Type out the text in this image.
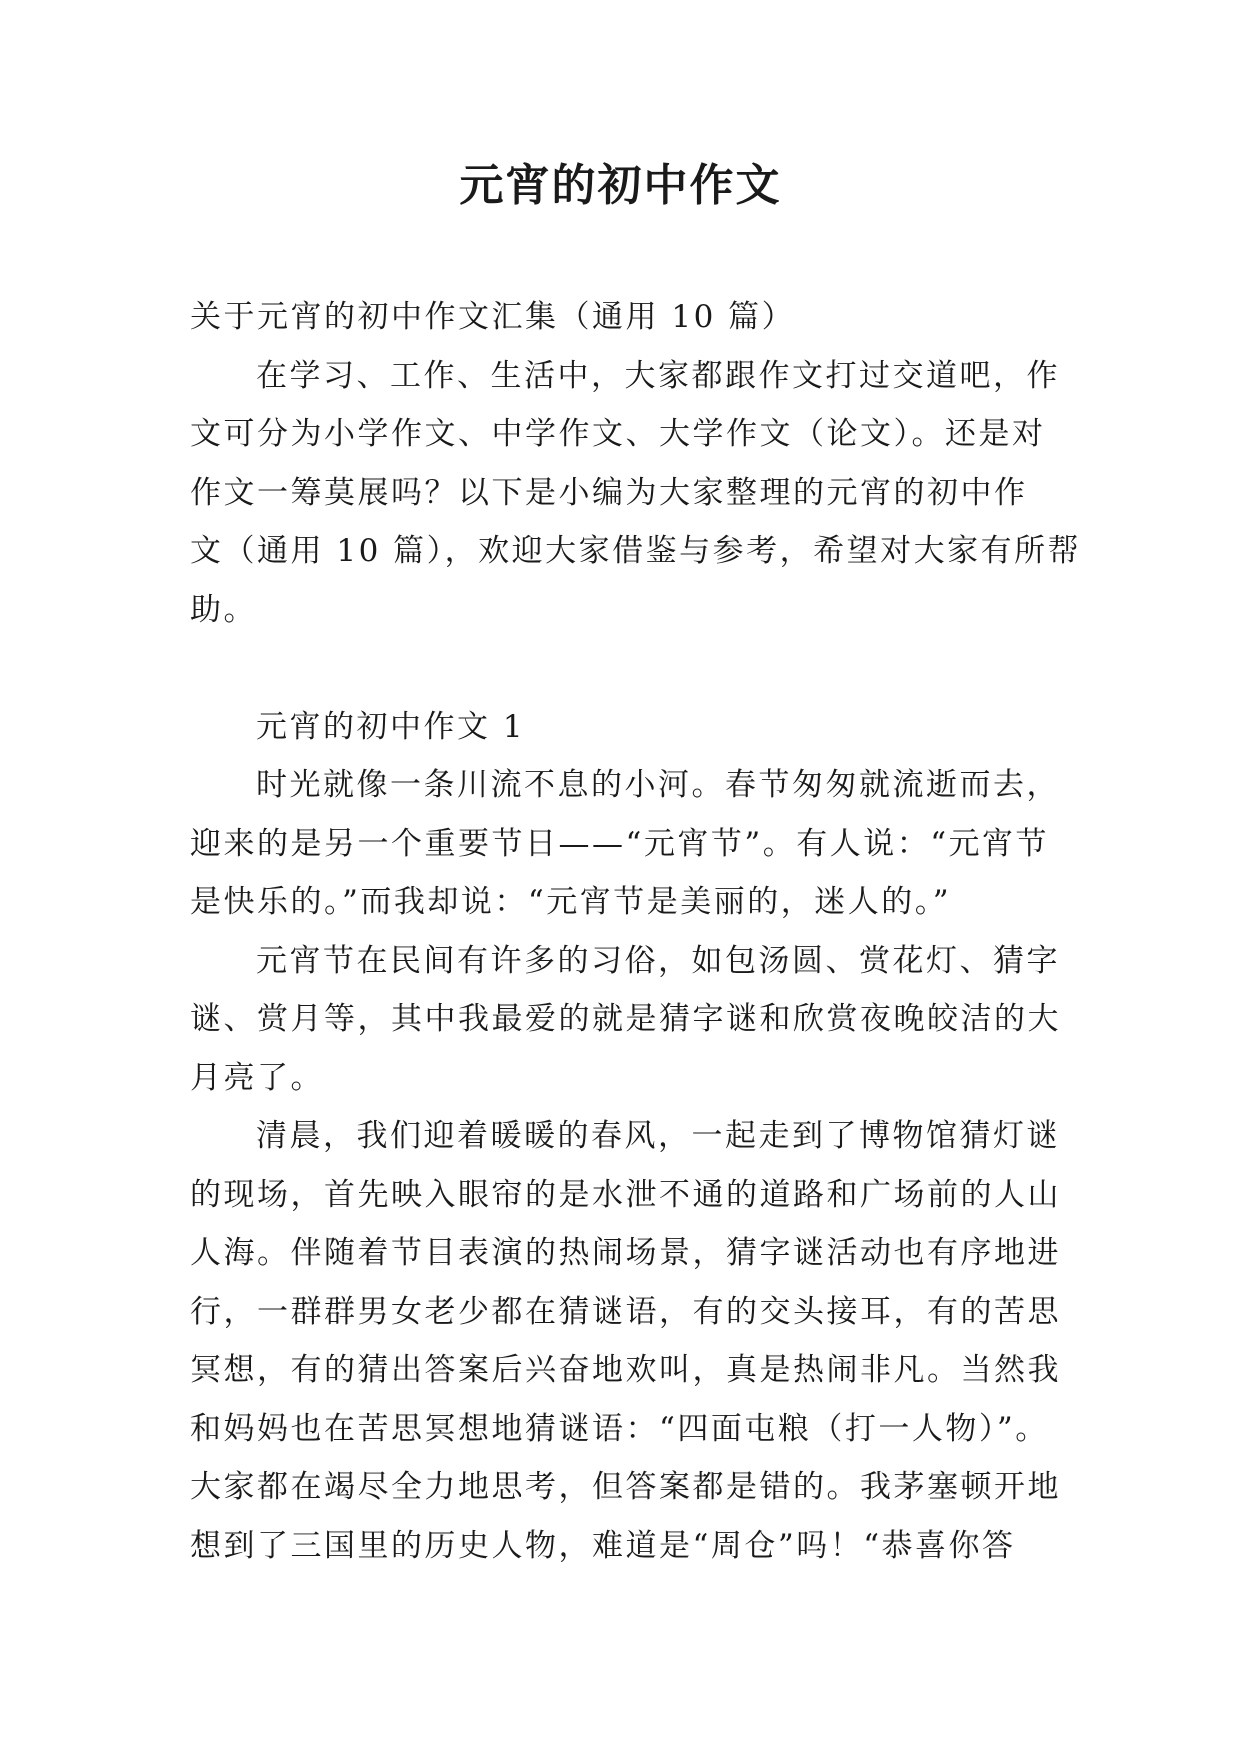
元宵的初中作文
关于元宵的初中作文汇集（通用 10 篇）
在学习、工作、生活中，大家都跟作文打过交道吧，作
文可分为小学作文、中学作文、大学作文（论文）。还是对
作文一筹莫展吗？以下是小编为大家整理的元宵的初中作
文（通用 10 篇），欢迎大家借鉴与参考，希望对大家有所帮
助。
元宵的初中作文 1
时光就像一条川流不息的小河。春节匆匆就流逝而去，
迎来的是另一个重要节日——“元宵节”。有人说：“元宵节
是快乐的。”而我却说：“元宵节是美丽的，迷人的。”
元宵节在民间有许多的习俗，如包汤圆、赏花灯、猜字
谜、赏月等，其中我最爱的就是猜字谜和欣赏夜晚皎洁的大
月亮了。
清晨，我们迎着暖暖的春风，一起走到了博物馆猜灯谜
的现场，首先映入眼帘的是水泄不通的道路和广场前的人山
人海。伴随着节目表演的热闹场景，猜字谜活动也有序地进
行，一群群男女老少都在猜谜语，有的交头接耳，有的苦思
冥想，有的猜出答案后兴奋地欢叫，真是热闹非凡。当然我
和妈妈也在苦思冥想地猜谜语：“四面屯粮（打一人物）”。
大家都在竭尽全力地思考，但答案都是错的。我茅塞顿开地
想到了三国里的历史人物，难道是“周仓”吗！“恭喜你答
